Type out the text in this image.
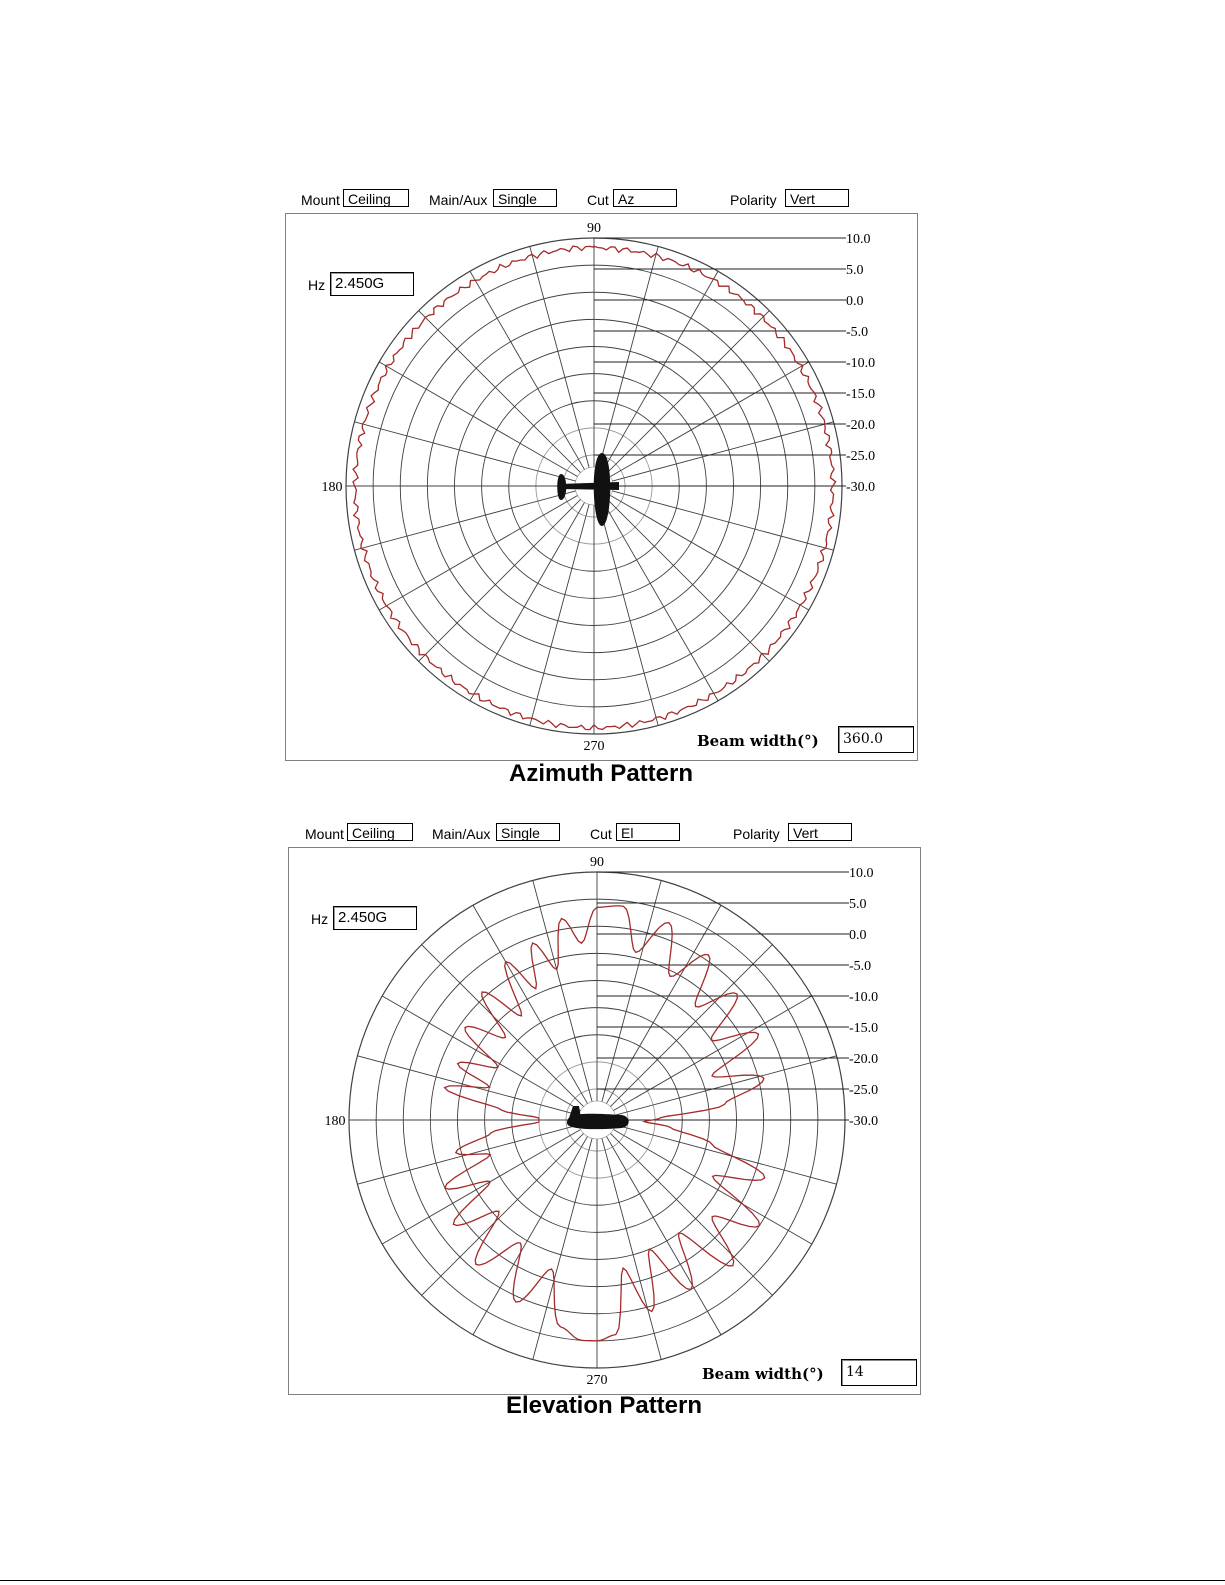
Mount Ceiling	Main/Aux Single	Cut Az	Polarity Vert
10.0
5.0
0.0
-5.0
-10.0
-15.0
-20.0
-25.0
-30.0
90
180
270
Hz 2.450G
Beam width(°)	360.0
Azimuth Pattern
Mount Ceiling	Main/Aux Single	Cut El	Polarity Vert
10.0
5.0
0.0
-5.0
-10.0
-15.0
-20.0
-25.0
-30.0
90
180
270
Hz 2.450G
Beam width(°)	14
Elevation Pattern
